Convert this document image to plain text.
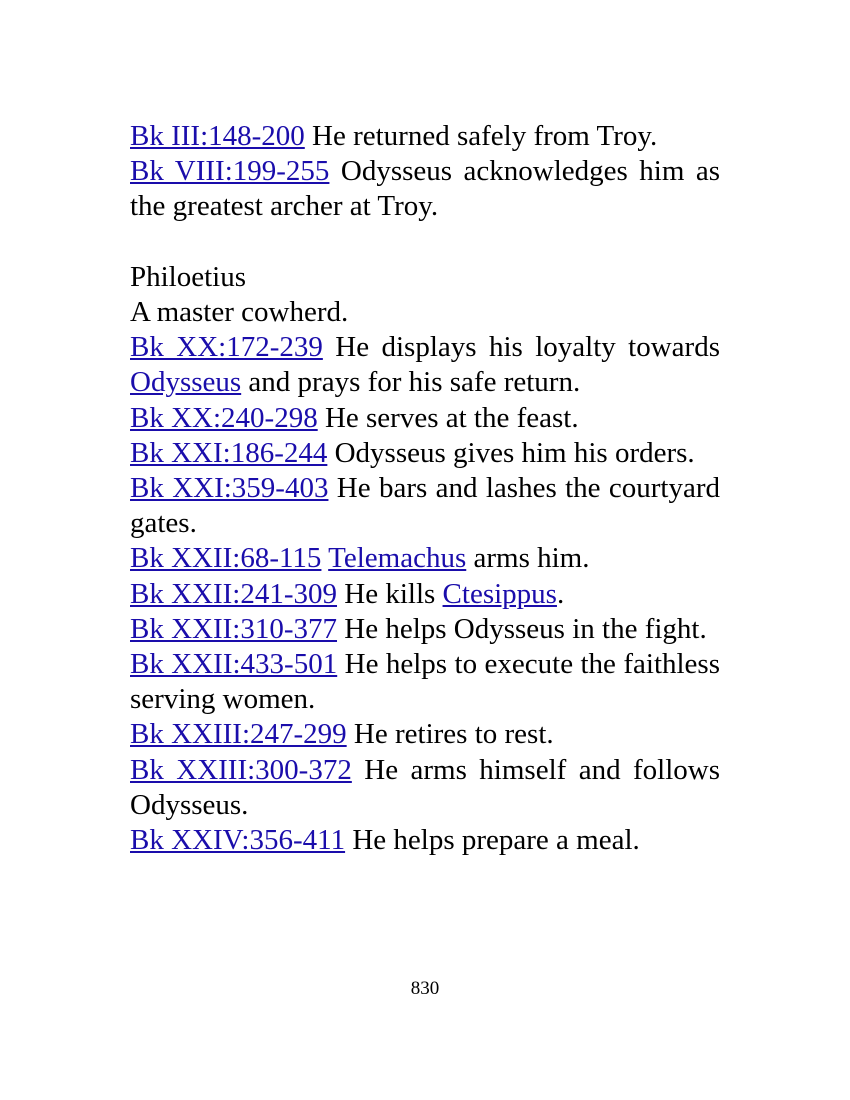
Bk III:148-200 He returned safely from Troy.

Bk VIII:199-255 Odysseus acknowledges him as the greatest archer at Troy.

Philoetius

A master cowherd.

Bk XX:172-239 He displays his loyalty towards Odysseus and prays for his safe return.

Bk XX:240-298 He serves at the feast.

Bk XXI:186-244 Odysseus gives him his orders.

Bk XXI:359-403 He bars and lashes the courtyard gates.

Bk XXII:68-115 Telemachus arms him.

Bk XXII:241-309 He kills Ctesippus.

Bk XXII:310-377 He helps Odysseus in the fight.

Bk XXII:433-501 He helps to execute the faithless serving women.

Bk XXIII:247-299 He retires to rest.

Bk XXIII:300-372 He arms himself and follows Odysseus.

Bk XXIV:356-411 He helps prepare a meal.

830
